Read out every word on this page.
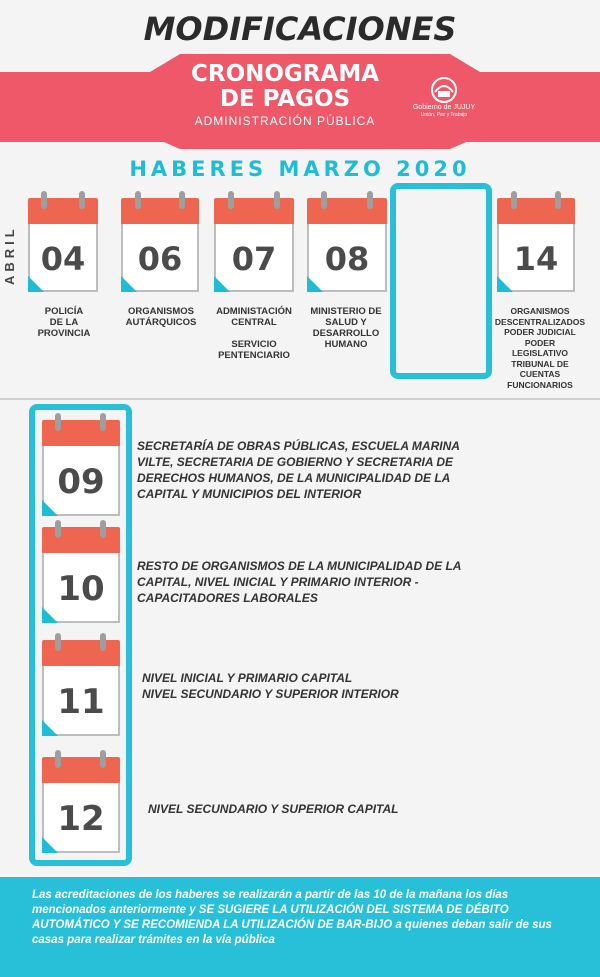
MODIFICACIONES
CRONOGRAMA
DE PAGOS
ADMINISTRACIÓN PÚBLICA
Gobierno de JUJUY
Unión, Paz y Trabajo
HABERES MARZO 2020
ABRIL 04
POLICÍA
DE LA
PROVINCIA
06
ORGANISMOS
AUTÁRQUICOS
07
ADMINISTACIÓN
CENTRAL

SERVICIO
PENTENCIARIO
08
MINISTERIO DE
SALUD Y
DESARROLLO
HUMANO
14
ORGANISMOS
DESCENTRALIZADOS
PODER JUDICIAL
PODER
LEGISLATIVO
TRIBUNAL DE
CUENTAS
FUNCIONARIOS
09
SECRETARÍA DE OBRAS PÚBLICAS, ESCUELA MARINA
VILTE, SECRETARIA DE GOBIERNO Y SECRETARIA DE
DERECHOS HUMANOS, DE LA MUNICIPALIDAD DE LA
CAPITAL Y MUNICIPIOS DEL INTERIOR
10
RESTO DE ORGANISMOS DE LA MUNICIPALIDAD DE LA
CAPITAL, NIVEL INICIAL Y PRIMARIO INTERIOR -
CAPACITADORES LABORALES
11
NIVEL INICIAL Y PRIMARIO CAPITAL
NIVEL SECUNDARIO Y SUPERIOR INTERIOR
12	NIVEL SECUNDARIO Y SUPERIOR CAPITAL
Las acreditaciones de los haberes se realizarán a partir de las 10 de la mañana los días mencionados anteriormente y SE SUGIERE LA UTILIZACIÓN DEL SISTEMA DE DÉBITO AUTOMÁTICO Y SE RECOMIENDA LA UTILIZACIÓN DE BAR-BIJO a quienes deban salir de sus casas para realizar trámites en la vía pública
